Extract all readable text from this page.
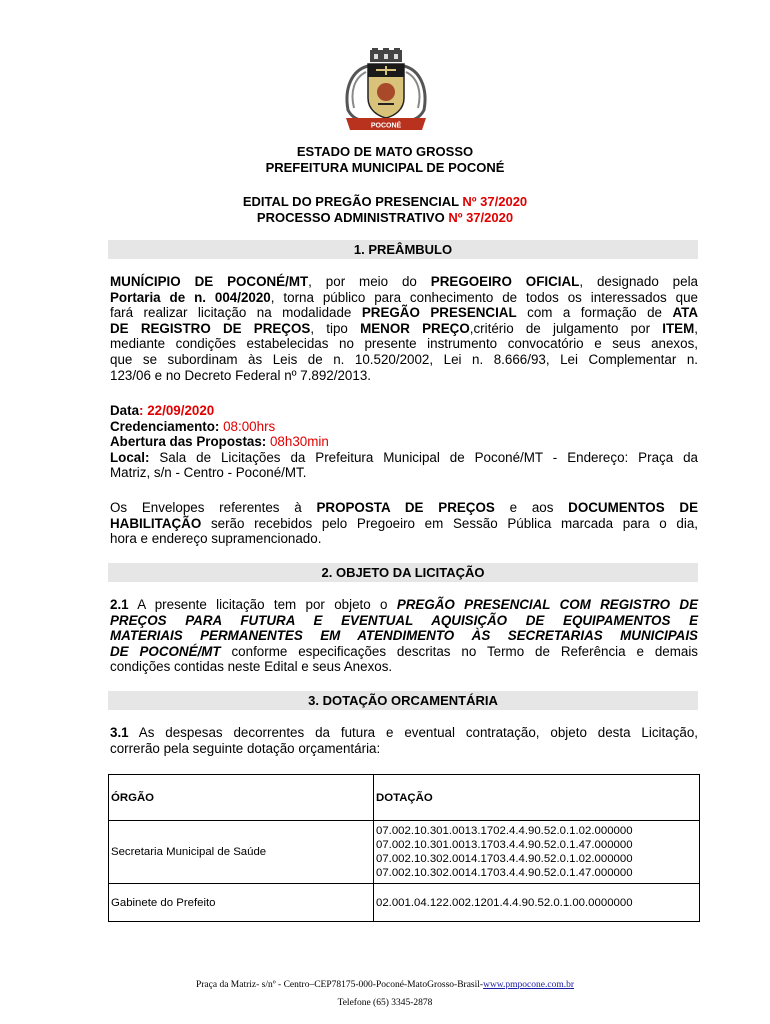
POCONÉ
ESTADO DE MATO GROSSO
PREFEITURA MUNICIPAL DE POCONÉ
EDITAL DO PREGÃO PRESENCIAL Nº 37/2020
PROCESSO ADMINISTRATIVO Nº 37/2020
1. PREÂMBULO
MUNÍCIPIO DE POCONÉ/MT, por meio do PREGOEIRO OFICIAL, designado pela
Portaria de n. 004/2020, torna público para conhecimento de todos os interessados que
fará realizar licitação na modalidade PREGÃO PRESENCIAL com a formação de ATA
DE REGISTRO DE PREÇOS, tipo MENOR PREÇO,critério de julgamento por ITEM,
mediante condições estabelecidas no presente instrumento convocatório e seus anexos,
que se subordinam às Leis de n. 10.520/2002, Lei n. 8.666/93, Lei Complementar n.
123/06 e no Decreto Federal nº 7.892/2013.
Data: 22/09/2020
Credenciamento: 08:00hrs
Abertura das Propostas: 08h30min
Local: Sala de Licitações da Prefeitura Municipal de Poconé/MT - Endereço: Praça da
Matriz, s/n - Centro - Poconé/MT.
Os Envelopes referentes à PROPOSTA DE PREÇOS e aos DOCUMENTOS DE
HABILITAÇÃO serão recebidos pelo Pregoeiro em Sessão Pública marcada para o dia,
hora e endereço supramencionado.
2. OBJETO DA LICITAÇÃO
2.1 A presente licitação tem por objeto o PREGÃO PRESENCIAL COM REGISTRO DE
PREÇOS PARA FUTURA E EVENTUAL AQUISIÇÃO DE EQUIPAMENTOS E
MATERIAIS PERMANENTES EM ATENDIMENTO ÀS SECRETARIAS MUNICIPAIS
DE POCONÉ/MT conforme especificações descritas no Termo de Referência e demais
condições contidas neste Edital e seus Anexos.
3. DOTAÇÃO ORCAMENTÁRIA
3.1 As despesas decorrentes da futura e eventual contratação, objeto desta Licitação,
correrão pela seguinte dotação orçamentária:
ÓRGÃO	DOTAÇÃO
Secretaria Municipal de Saúde	07.002.10.301.0013.1702.4.4.90.52.0.1.02.000000
07.002.10.301.0013.1703.4.4.90.52.0.1.47.000000
07.002.10.302.0014.1703.4.4.90.52.0.1.02.000000
07.002.10.302.0014.1703.4.4.90.52.0.1.47.000000

Gabinete do Prefeito	02.001.04.122.002.1201.4.4.90.52.0.1.00.0000000
Praça da Matriz- s/nº - Centro–CEP78175-000-Poconé-MatoGrosso-Brasil-www.pmpocone.com.br
Telefone (65) 3345-2878
